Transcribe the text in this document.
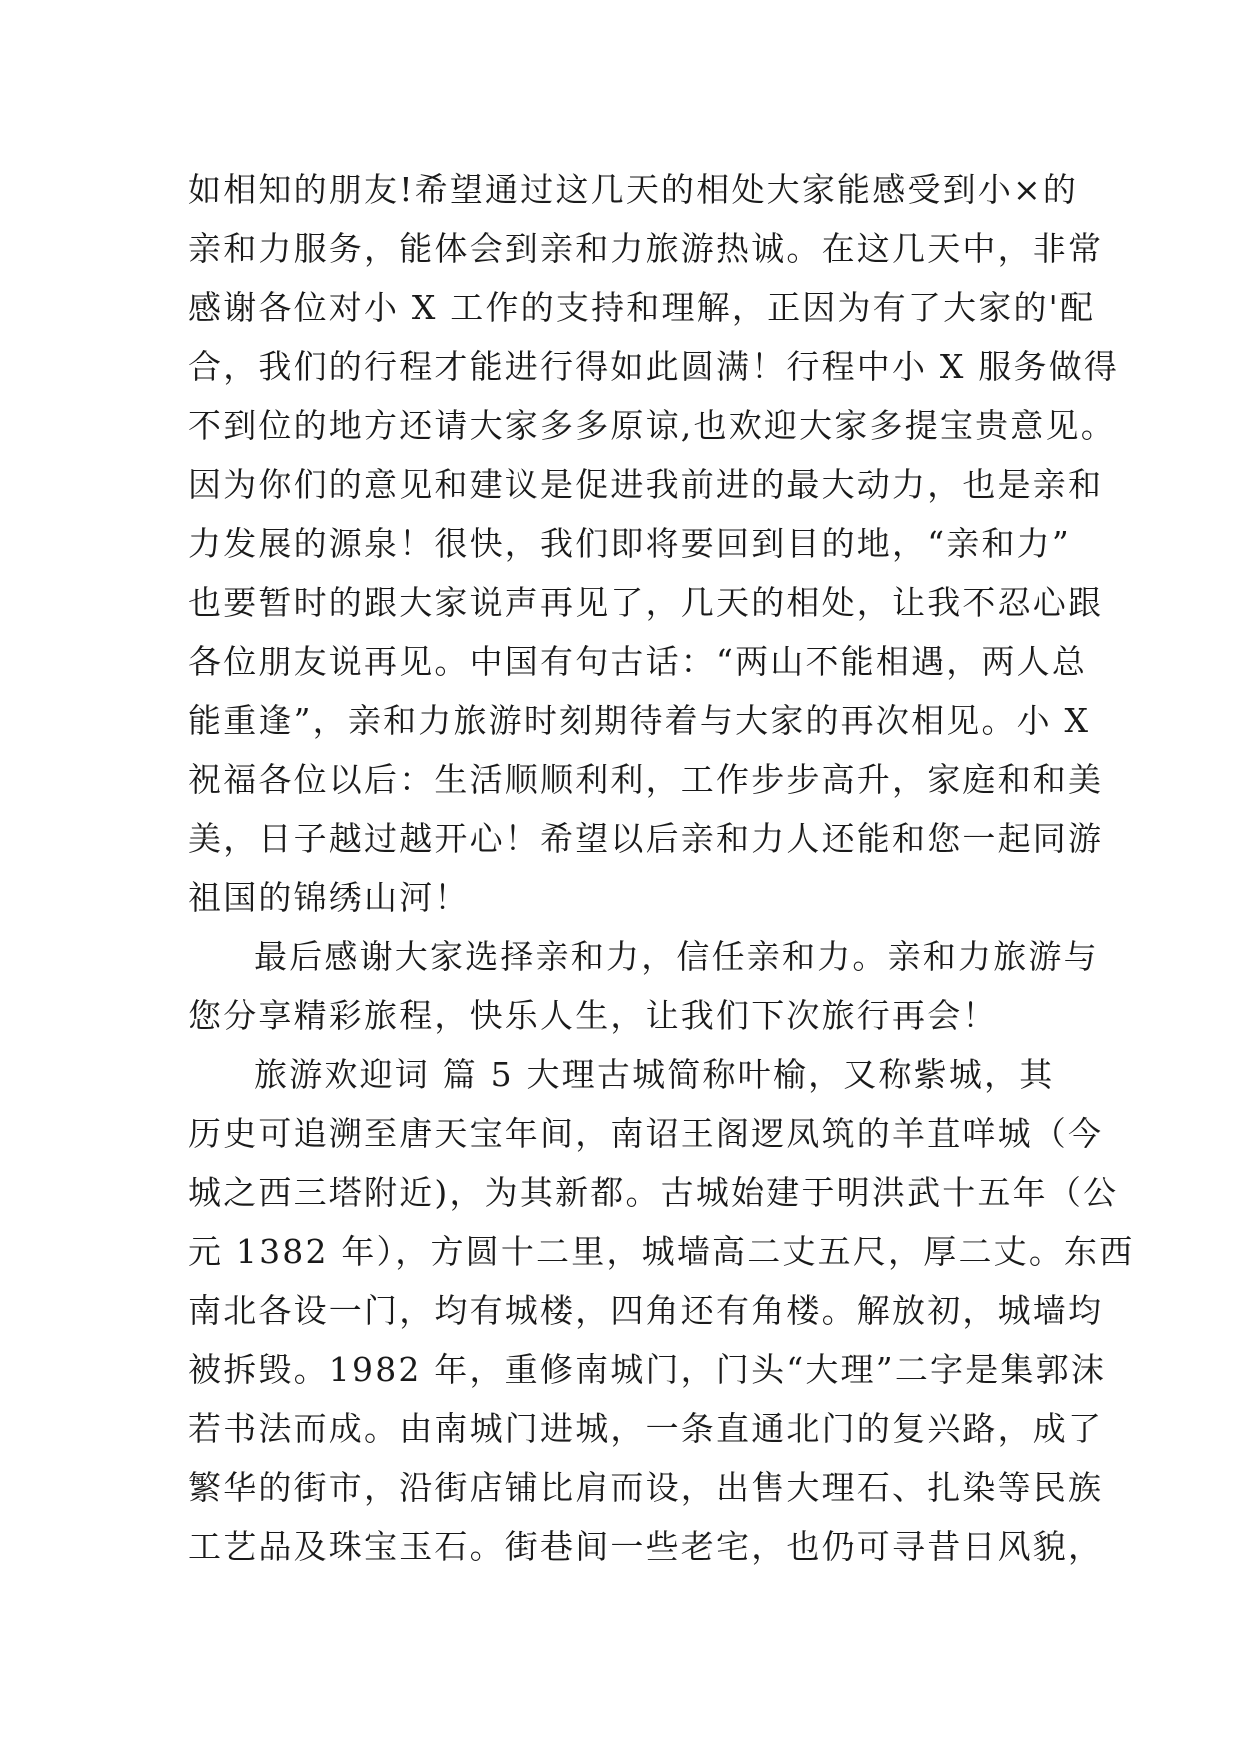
如相知的朋友!希望通过这几天的相处大家能感受到小×的
亲和力服务，能体会到亲和力旅游热诚。在这几天中，非常
感谢各位对小 X 工作的支持和理解，正因为有了大家的'配
合，我们的行程才能进行得如此圆满！行程中小 X 服务做得
不到位的地方还请大家多多原谅,也欢迎大家多提宝贵意见。
因为你们的意见和建议是促进我前进的最大动力，也是亲和
力发展的源泉！很快，我们即将要回到目的地，“亲和力”
也要暂时的跟大家说声再见了，几天的相处，让我不忍心跟
各位朋友说再见。中国有句古话：“两山不能相遇，两人总
能重逢”，亲和力旅游时刻期待着与大家的再次相见。小 X
祝福各位以后：生活顺顺利利，工作步步高升，家庭和和美
美，日子越过越开心！希望以后亲和力人还能和您一起同游
祖国的锦绣山河！
最后感谢大家选择亲和力，信任亲和力。亲和力旅游与
您分享精彩旅程，快乐人生，让我们下次旅行再会！
旅游欢迎词 篇 5 大理古城简称叶榆，又称紫城，其
历史可追溯至唐天宝年间，南诏王阁逻凤筑的羊苴咩城（今
城之西三塔附近)，为其新都。古城始建于明洪武十五年（公
元 1382 年），方圆十二里，城墙高二丈五尺，厚二丈。东西
南北各设一门，均有城楼，四角还有角楼。解放初，城墙均
被拆毁。1982 年，重修南城门，门头“大理”二字是集郭沫
若书法而成。由南城门进城，一条直通北门的复兴路，成了
繁华的街市，沿街店铺比肩而设，出售大理石、扎染等民族
工艺品及珠宝玉石。街巷间一些老宅，也仍可寻昔日风貌，
